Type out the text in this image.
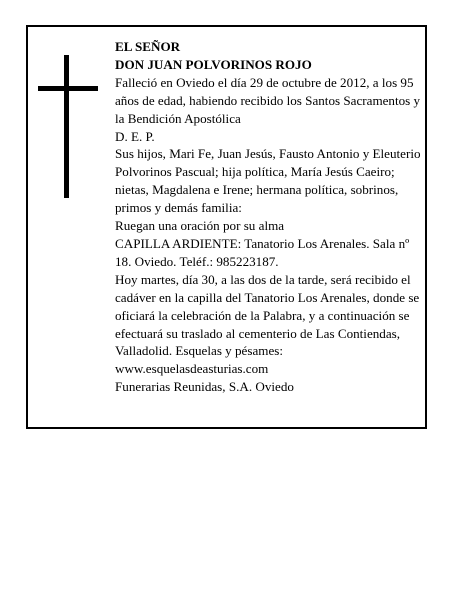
EL SEÑOR

DON JUAN POLVORINOS ROJO

Falleció en Oviedo el día 29 de octubre de 2012, a los 95 años de edad, habiendo recibido los Santos Sacramentos y la Bendición Apostólica

D. E. P.

Sus hijos, Mari Fe, Juan Jesús, Fausto Antonio y Eleuterio Polvorinos Pascual; hija política, María Jesús Caeiro; nietas, Magdalena e Irene; hermana política, sobrinos, primos y demás familia:

Ruegan una oración por su alma

CAPILLA ARDIENTE: Tanatorio Los Arenales. Sala nº 18. Oviedo. Teléf.: 985223187.

Hoy martes, día 30, a las dos de la tarde, será recibido el cadáver en la capilla del Tanatorio Los Arenales, donde se oficiará la celebración de la Palabra, y a continuación se efectuará su traslado al cementerio de Las Contiendas, Valladolid. Esquelas y pésames:

www.esquelasdeasturias.com

Funerarias Reunidas, S.A. Oviedo
